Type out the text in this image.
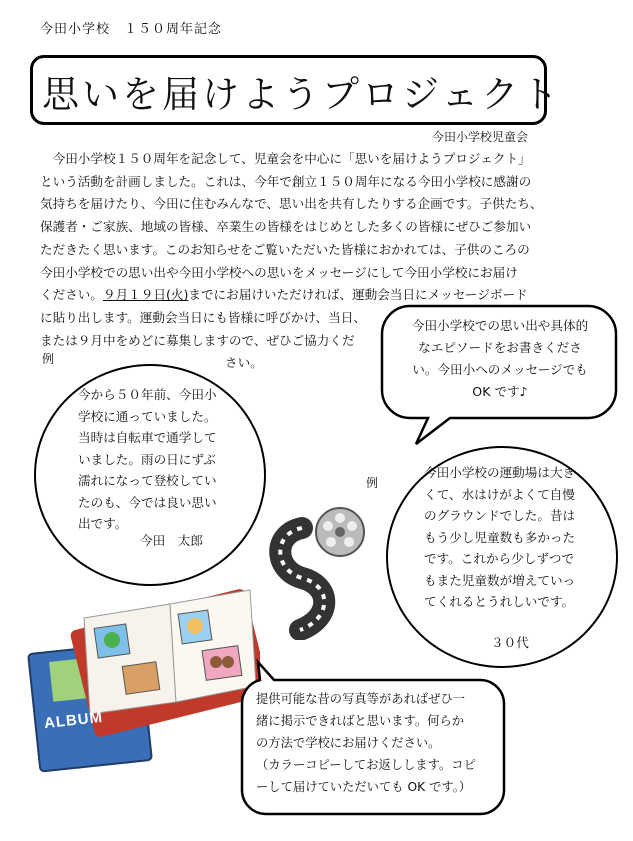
今田小学校　１５０周年記念
思いを届けようプロジェクト
今田小学校児童会

　今田小学校１５０周年を記念して、児童会を中心に「思いを届けようプロジェクト」

という活動を計画しました。これは、今年で創立１５０周年になる今田小学校に感謝の

気持ちを届けたり、今田に住むみんなで、思い出を共有したりする企画です。子供たち、

保護者・ご家族、地域の皆様、卒業生の皆様をはじめとした多くの皆様にぜひご参加い

ただきたく思います。このお知らせをご覧いただいた皆様におかれては、子供のころの

今田小学校での思い出や今田小学校への思いをメッセージにして今田小学校にお届け

ください。９月１９日(火)までにお届けいただければ、運動会当日にメッセージボード

に貼り出します。運動会当日にも皆様に呼びかけ、当日、

または９月中をめどに募集しますので、ぜひご協力くだ

さい。

今田小学校での思い出や具体的
なエピソードをお書きくださ
い。今田小へのメッセージでも
OK です♪
例
今から５０年前、今田小
学校に通っていました。
当時は自転車で通学して
いました。雨の日にずぶ
濡れになって登校してい
たのも、今では良い思い
出です。
今田　太郎
例
今田小学校の運動場は大き
くて、水はけがよくて自慢
のグラウンドでした。昔は
もう少し児童数も多かった
です。これから少しずつで
もまた児童数が増えていっ
てくれるとうれしいです。
３０代
ALBUM
提供可能な昔の写真等があればぜひ一
緒に掲示できればと思います。何らか
の方法で学校にお届けください。
（カラーコピーしてお返しします。コピ
ーして届けていただいても OK です。）
